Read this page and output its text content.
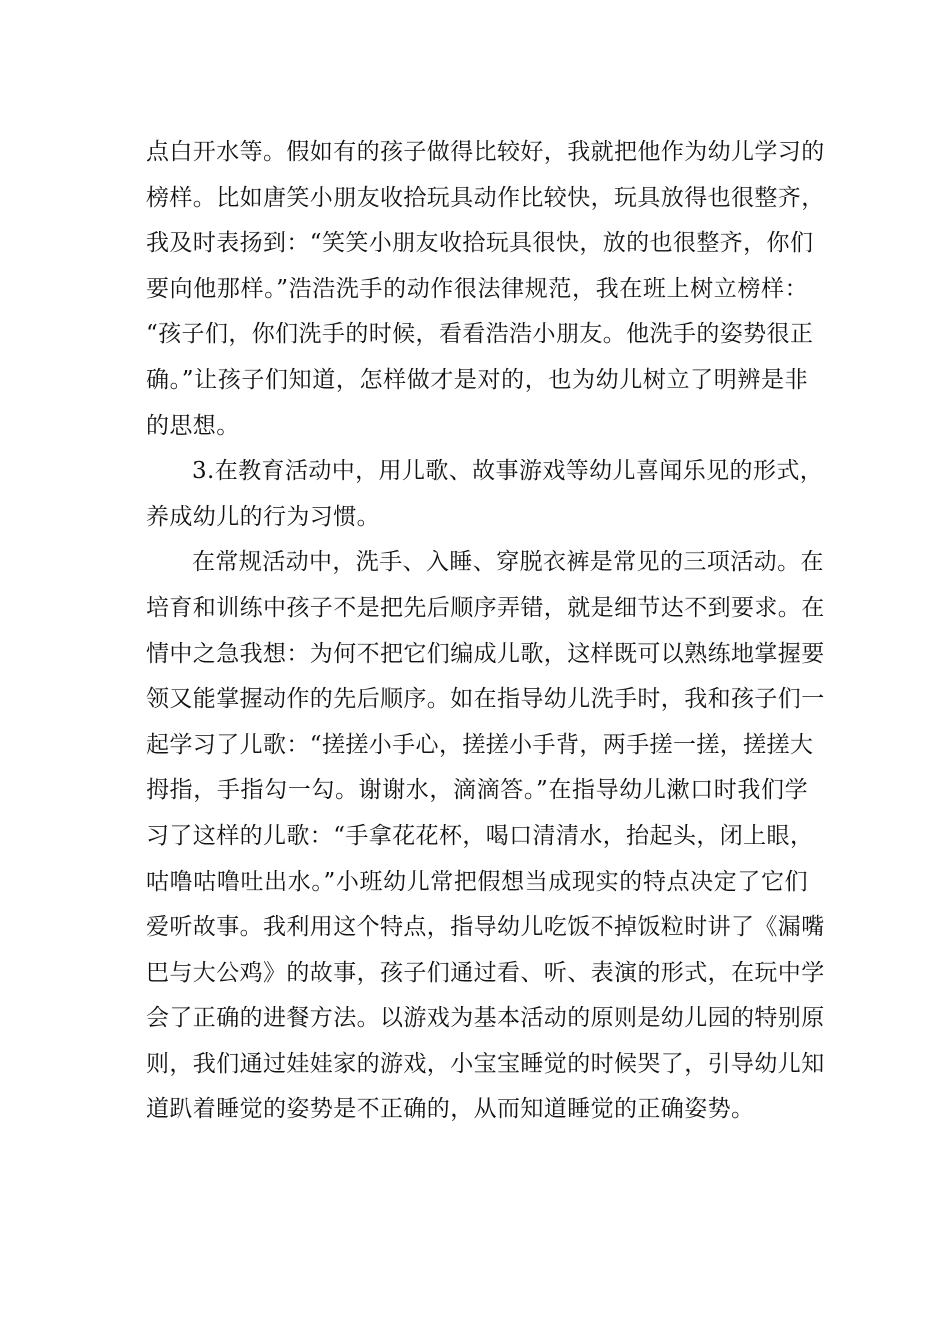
点白开水等。假如有的孩子做得比较好，我就把他作为幼儿学习的
榜样。比如唐笑小朋友收拾玩具动作比较快，玩具放得也很整齐，
我及时表扬到：“笑笑小朋友收拾玩具很快，放的也很整齐，你们
要向他那样。”浩浩洗手的动作很法律规范，我在班上树立榜样：
“孩子们，你们洗手的时候，看看浩浩小朋友。他洗手的姿势很正
确。”让孩子们知道，怎样做才是对的，也为幼儿树立了明辨是非
的思想。
3.在教育活动中，用儿歌、故事游戏等幼儿喜闻乐见的形式，
养成幼儿的行为习惯。
在常规活动中，洗手、入睡、穿脱衣裤是常见的三项活动。在
培育和训练中孩子不是把先后顺序弄错，就是细节达不到要求。在
情中之急我想：为何不把它们编成儿歌，这样既可以熟练地掌握要
领又能掌握动作的先后顺序。如在指导幼儿洗手时，我和孩子们一
起学习了儿歌：“搓搓小手心，搓搓小手背，两手搓一搓，搓搓大
拇指，手指勾一勾。谢谢水，滴滴答。”在指导幼儿漱口时我们学
习了这样的儿歌：“手拿花花杯，喝口清清水，抬起头，闭上眼，
咕噜咕噜吐出水。”小班幼儿常把假想当成现实的特点决定了它们
爱听故事。我利用这个特点，指导幼儿吃饭不掉饭粒时讲了《漏嘴
巴与大公鸡》的故事，孩子们通过看、听、表演的形式，在玩中学
会了正确的进餐方法。以游戏为基本活动的原则是幼儿园的特别原
则，我们通过娃娃家的游戏，小宝宝睡觉的时候哭了，引导幼儿知
道趴着睡觉的姿势是不正确的，从而知道睡觉的正确姿势。
